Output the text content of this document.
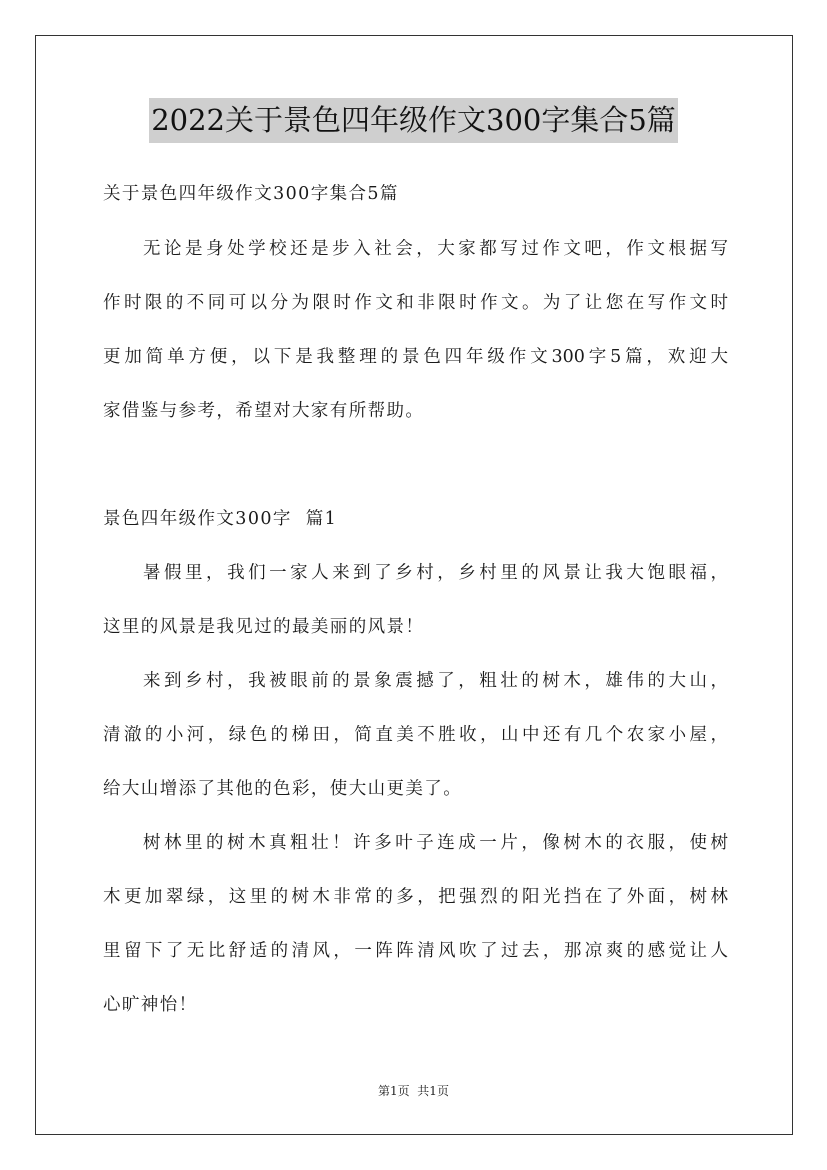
2022关于景色四年级作文300字集合5篇
关于景色四年级作文300字集合5篇
无论是身处学校还是步入社会，大家都写过作文吧，作文根据写
作时限的不同可以分为限时作文和非限时作文。为了让您在写作文时
更加简单方便，以下是我整理的景色四年级作文300字5篇，欢迎大
家借鉴与参考，希望对大家有所帮助。
景色四年级作文300字  篇1
暑假里，我们一家人来到了乡村，乡村里的风景让我大饱眼福，
这里的风景是我见过的最美丽的风景！
来到乡村，我被眼前的景象震撼了，粗壮的树木，雄伟的大山，
清澈的小河，绿色的梯田，简直美不胜收，山中还有几个农家小屋，
给大山增添了其他的色彩，使大山更美了。
树林里的树木真粗壮！许多叶子连成一片，像树木的衣服，使树
木更加翠绿，这里的树木非常的多，把强烈的阳光挡在了外面，树林
里留下了无比舒适的清风，一阵阵清风吹了过去，那凉爽的感觉让人
心旷神怡！
第1页  共1页
